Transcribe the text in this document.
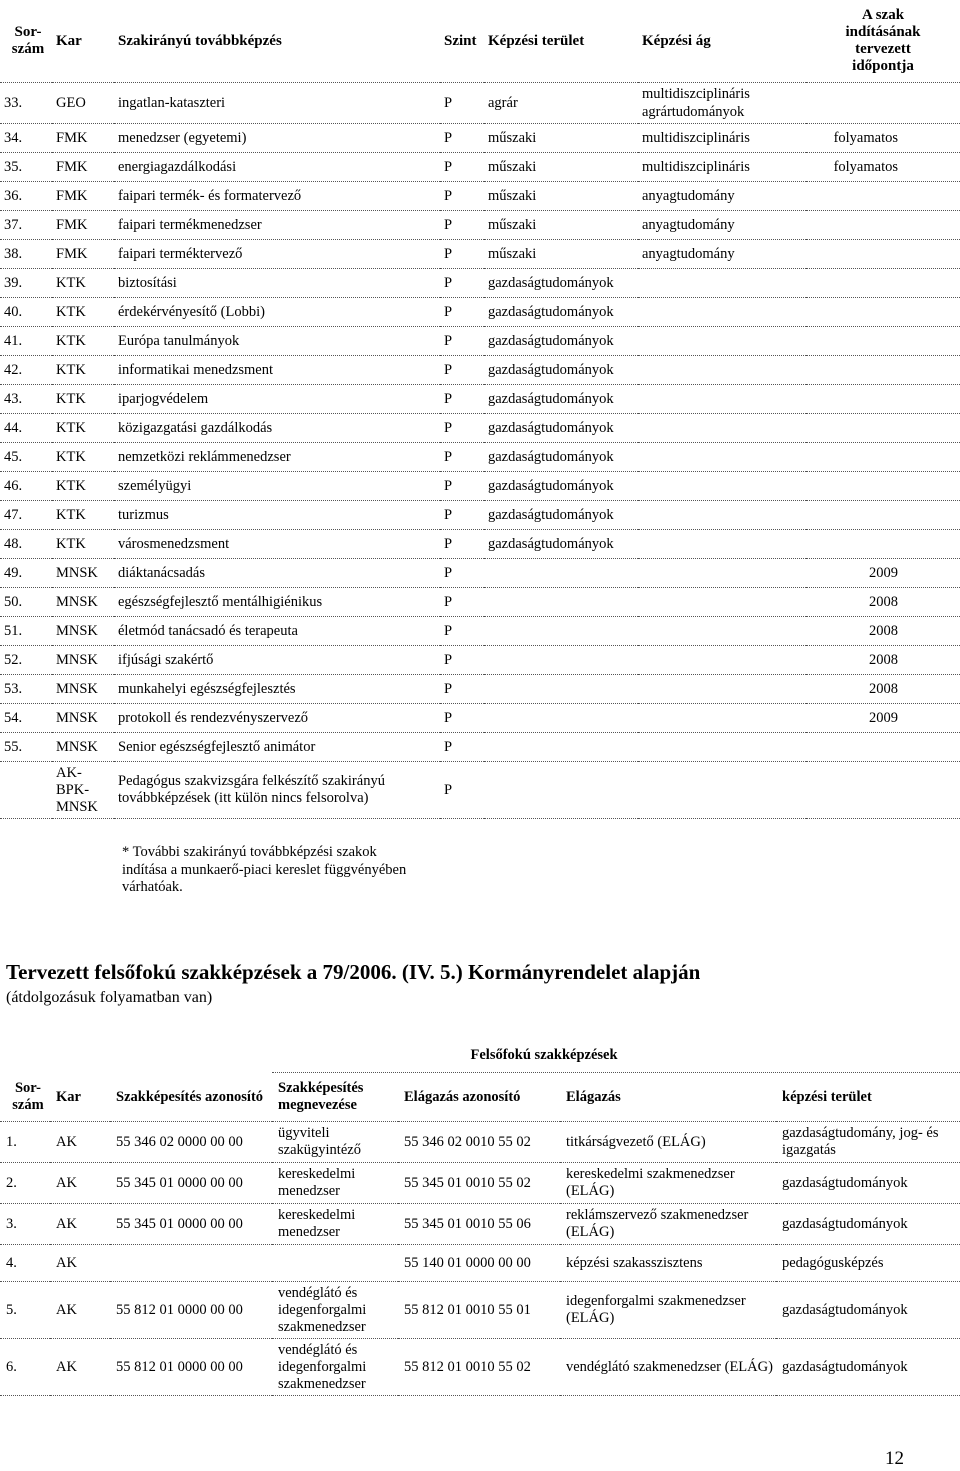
Sor-
szám	Kar	Szakirányú továbbképzés	Szint	Képzési terület	Képzési ág	A szak indításának tervezett időpontja
33.	GEO	ingatlan-kataszteri	P	agrár	multidiszciplináris agrártudományok	
34.	FMK	menedzser (egyetemi)	P	műszaki	multidiszciplináris	folyamatos
35.	FMK	energiagazdálkodási	P	műszaki	multidiszciplináris	folyamatos
36.	FMK	faipari termék- és formatervező	P	műszaki	anyagtudomány	
37.	FMK	faipari termékmenedzser	P	műszaki	anyagtudomány	
38.	FMK	faipari terméktervező	P	műszaki	anyagtudomány	
39.	KTK	biztosítási	P	gazdaságtudományok		
40.	KTK	érdekérvényesítő (Lobbi)	P	gazdaságtudományok		
41.	KTK	Európa tanulmányok	P	gazdaságtudományok		
42.	KTK	informatikai menedzsment	P	gazdaságtudományok		
43.	KTK	iparjogvédelem	P	gazdaságtudományok		
44.	KTK	közigazgatási gazdálkodás	P	gazdaságtudományok		
45.	KTK	nemzetközi reklámmenedzser	P	gazdaságtudományok		
46.	KTK	személyügyi	P	gazdaságtudományok		
47.	KTK	turizmus	P	gazdaságtudományok		
48.	KTK	városmenedzsment	P	gazdaságtudományok		
49.	MNSK	diáktanácsadás	P			2009
50.	MNSK	egészségfejlesztő mentálhigiénikus	P			2008
51.	MNSK	életmód tanácsadó és terapeuta	P			2008
52.	MNSK	ifjúsági szakértő	P			2008
53.	MNSK	munkahelyi egészségfejlesztés	P			2008
54.	MNSK	protokoll és rendezvényszervező	P			2009
55.	MNSK	Senior egészségfejlesztő animátor	P			
	AK-
BPK-
MNSK	Pedagógus szakvizsgára felkészítő szakirányú továbbképzések (itt külön nincs felsorolva)	P			
* További szakirányú továbbképzési szakok indítása a munkaerő-piaci kereslet függvényében várhatóak.
Tervezett felsőfokú szakképzések a 79/2006. (IV. 5.) Kormányrendelet alapján
(átdolgozásuk folyamatban van)
			Felsőfokú szakképzések			
Sor-
szám	Kar	Szakképesítés azonosító	Szakképesítés megnevezése	Elágazás azonosító	Elágazás	képzési terület
1.	AK	55 346 02 0000 00 00	ügyviteli szakügyintéző	55 346 02 0010 55 02	titkárságvezető (ELÁG)	gazdaságtudomány, jog- és igazgatás
2.	AK	55 345 01 0000 00 00	kereskedelmi menedzser	55 345 01 0010 55 02	kereskedelmi szakmenedzser (ELÁG)	gazdaságtudományok
3.	AK	55 345 01 0000 00 00	kereskedelmi menedzser	55 345 01 0010 55 06	reklámszervező szakmenedzser (ELÁG)	gazdaságtudományok
4.	AK			55 140 01 0000 00 00	képzési szakasszisztens	pedagógusképzés
5.	AK	55 812 01 0000 00 00	vendéglátó és idegenforgalmi szakmenedzser	55 812 01 0010 55 01	idegenforgalmi szakmenedzser (ELÁG)	gazdaságtudományok
6.	AK	55 812 01 0000 00 00	vendéglátó és idegenforgalmi szakmenedzser	55 812 01 0010 55 02	vendéglátó szakmenedzser (ELÁG)	gazdaságtudományok
12
